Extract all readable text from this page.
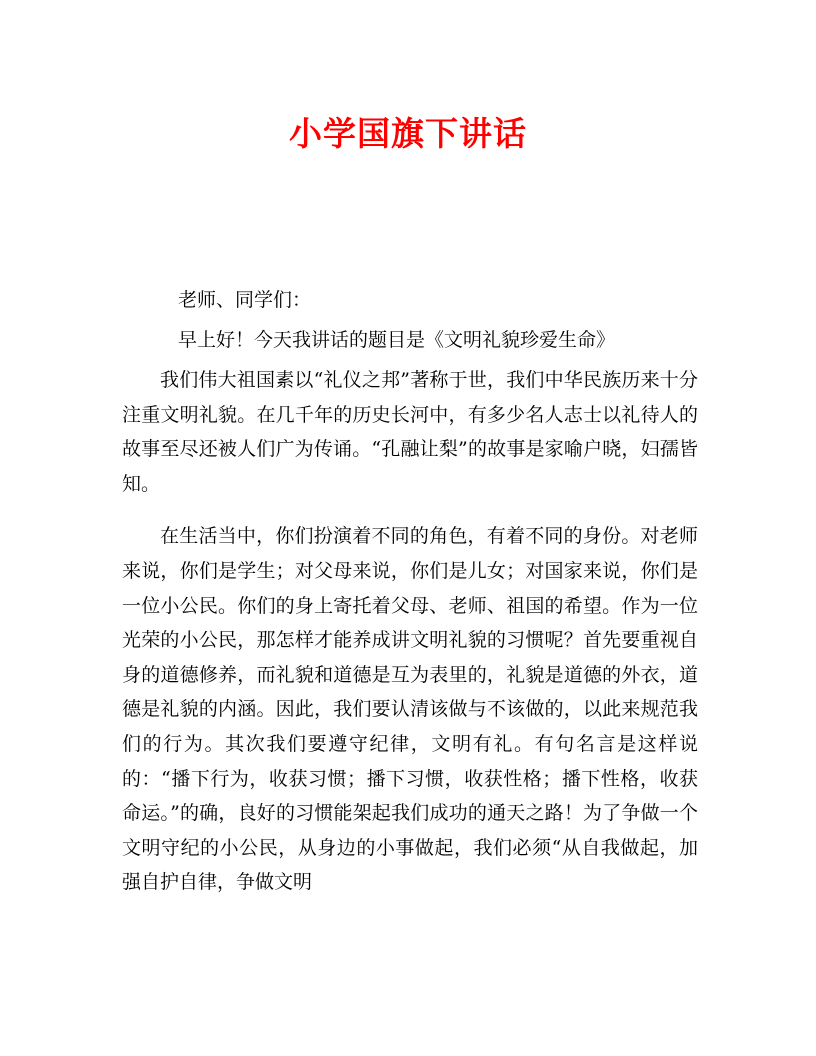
小学国旗下讲话

老师、同学们：

早上好！今天我讲话的题目是《文明礼貌珍爱生命》

我们伟大祖国素以“礼仪之邦”著称于世，我们中华民族历来十分注重文明礼貌。在几千年的历史长河中，有多少名人志士以礼待人的故事至尽还被人们广为传诵。“孔融让梨”的故事是家喻户晓，妇孺皆知。

在生活当中，你们扮演着不同的角色，有着不同的身份。对老师来说，你们是学生；对父母来说，你们是儿女；对国家来说，你们是一位小公民。你们的身上寄托着父母、老师、祖国的希望。作为一位光荣的小公民，那怎样才能养成讲文明礼貌的习惯呢？首先要重视自身的道德修养，而礼貌和道德是互为表里的，礼貌是道德的外衣，道德是礼貌的内涵。因此，我们要认清该做与不该做的，以此来规范我们的行为。其次我们要遵守纪律，文明有礼。有句名言是这样说的：“播下行为，收获习惯；播下习惯，收获性格；播下性格，收获命运。”的确，良好的习惯能架起我们成功的通天之路！为了争做一个文明守纪的小公民，从身边的小事做起，我们必须“从自我做起，加强自护自律，争做文明
